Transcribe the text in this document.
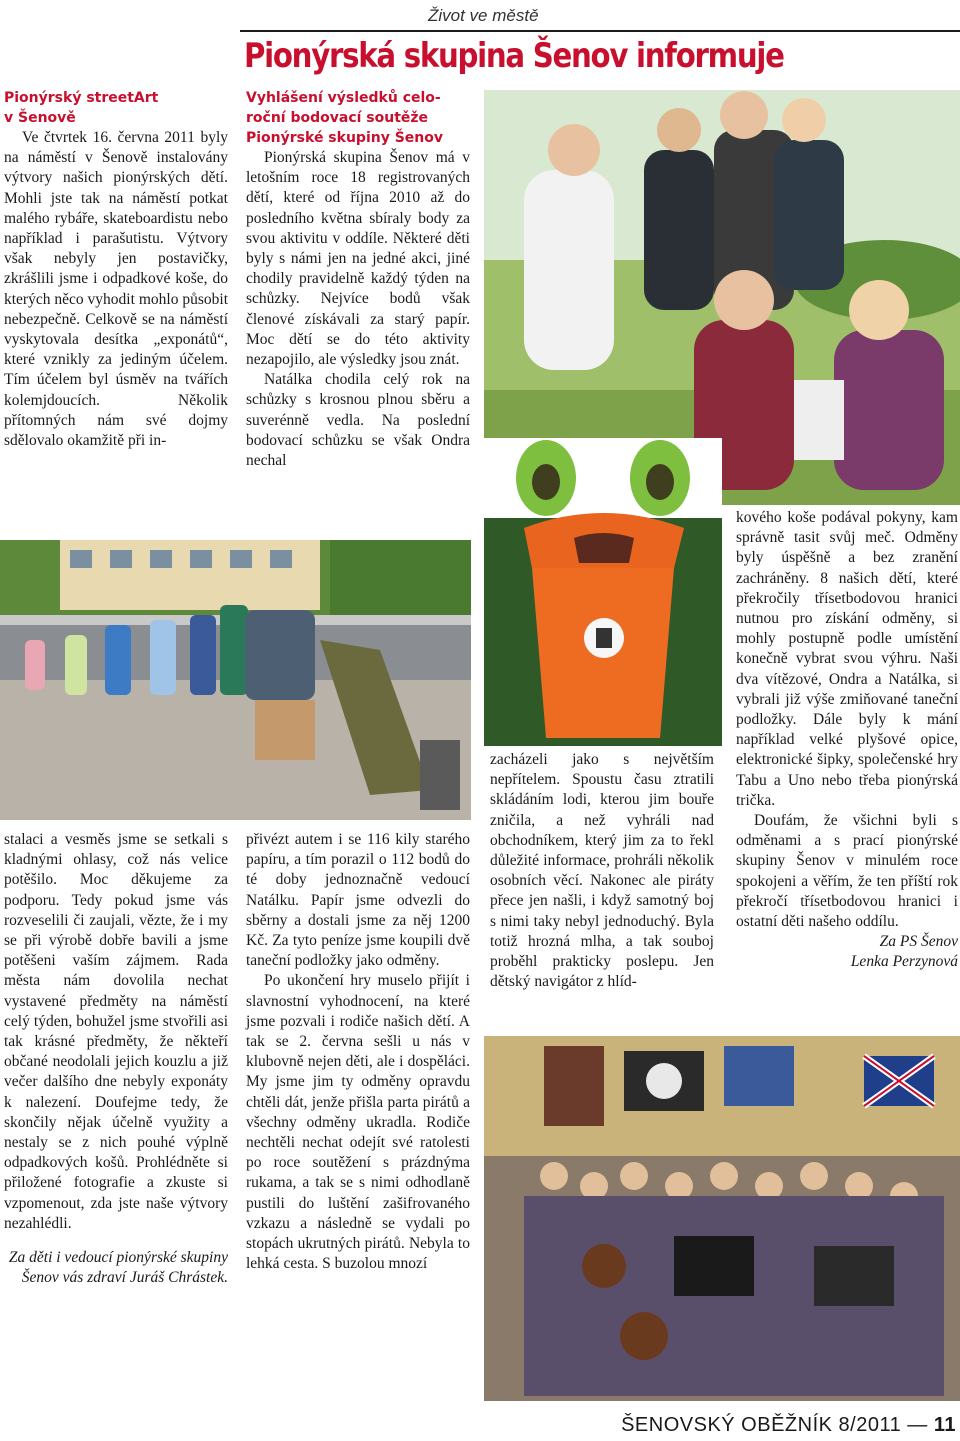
Život ve městě
Pionýrská skupina Šenov informuje
Pionýrský streetArt
v Šenově

Ve čtvrtek 16. června 2011 byly na náměstí v Šenově instalovány výtvory našich pionýrských dětí. Mohli jste tak na náměstí potkat malého rybáře, skateboardistu nebo například i parašutistu. Výtvory však nebyly jen postavičky, zkrášlili jsme i odpadkové koše, do kterých něco vyhodit mohlo působit nebezpečně. Celkově se na náměstí vyskytovala desítka „exponátů“, které vznikly za jediným účelem. Tím účelem byl úsměv na tvářích kolemjdoucích. Několik přítomných nám své dojmy sdělovalo okamžitě při in-

stalaci a vesměs jsme se setkali s kladnými ohlasy, což nás velice potěšilo. Moc děkujeme za podporu. Tedy pokud jsme vás rozveselili či zaujali, vězte, že i my se při výrobě dobře bavili a jsme potěšeni vaším zájmem. Rada města nám dovolila nechat vystavené předměty na náměstí celý týden, bohužel jsme stvořili asi tak krásné předměty, že někteří občané neodolali jejich kouzlu a již večer dalšího dne nebyly exponáty k nalezení. Doufejme tedy, že skončily nějak účelně využity a nestaly se z nich pouhé výplně odpadkových košů. Prohlédněte si přiložené fotografie a zkuste si vzpomenout, zda jste naše výtvory nezahlédli.

Za děti i vedoucí pionýrské skupiny Šenov vás zdraví Juráš Chrástek.

Vyhlášení výsledků celo-
roční bodovací soutěže
Pionýrské skupiny Šenov

Pionýrská skupina Šenov má v letošním roce 18 registrovaných dětí, které od října 2010 až do posledního května sbíraly body za svou aktivitu v oddíle. Některé děti byly s námi jen na jedné akci, jiné chodily pravidelně každý týden na schůzky. Nejvíce bodů však členové získávali za starý papír. Moc dětí se do této aktivity nezapojilo, ale výsledky jsou znát.

Natálka chodila celý rok na schůzky s krosnou plnou sběru a suverénně vedla. Na poslední bodovací schůzku se však Ondra nechal

přivézt autem i se 116 kily starého papíru, a tím porazil o 112 bodů do té doby jednoznačně vedoucí Natálku. Papír jsme odvezli do sběrny a dostali jsme za něj 1200 Kč. Za tyto peníze jsme koupili dvě taneční podložky jako odměny.

Po ukončení hry muselo přijít i slavnostní vyhodnocení, na které jsme pozvali i rodiče našich dětí. A tak se 2. června sešli u nás v klubovně nejen děti, ale i dospěláci. My jsme jim ty odměny opravdu chtěli dát, jenže přišla parta pirátů a všechny odměny ukradla. Rodiče nechtěli nechat odejít své ratolesti po roce soutěžení s prázdnýma rukama, a tak se s nimi odhodlaně pustili do luštění zašifrovaného vzkazu a následně se vydali po stopách ukrutných pirátů. Nebyla to lehká cesta. S buzolou mnozí

zacházeli jako s největším nepřítelem. Spoustu času ztratili skládáním lodi, kterou jim bouře zničila, a než vyhráli nad obchodníkem, který jim za to řekl důležité informace, prohráli několik osobních věcí. Nakonec ale piráty přece jen našli, i když samotný boj s nimi taky nebyl jednoduchý. Byla totiž hrozná mlha, a tak souboj proběhl prakticky poslepu. Jen dětský navigátor z hlíd-

kového koše podával pokyny, kam správně tasit svůj meč. Odměny byly úspěšně a bez zranění zachráněny. 8 našich dětí, které překročily třísetbodovou hranici nutnou pro získání odměny, si mohly postupně podle umístění konečně vybrat svou výhru. Naši dva vítězové, Ondra a Natálka, si vybrali již výše zmiňované taneční podložky. Dále byly k mání například velké plyšové opice, elektronické šipky, společenské hry Tabu a Uno nebo třeba pionýrská trička.

Doufám, že všichni byli s odměnami a s prací pionýrské skupiny Šenov v minulém roce spokojeni a věřím, že ten příští rok překročí třísetbodovou hranici i ostatní děti našeho oddílu.

Za PS Šenov

Lenka Perzynová

ŠENOVSKÝ OBĚŽNÍK 8/2011 — 11
